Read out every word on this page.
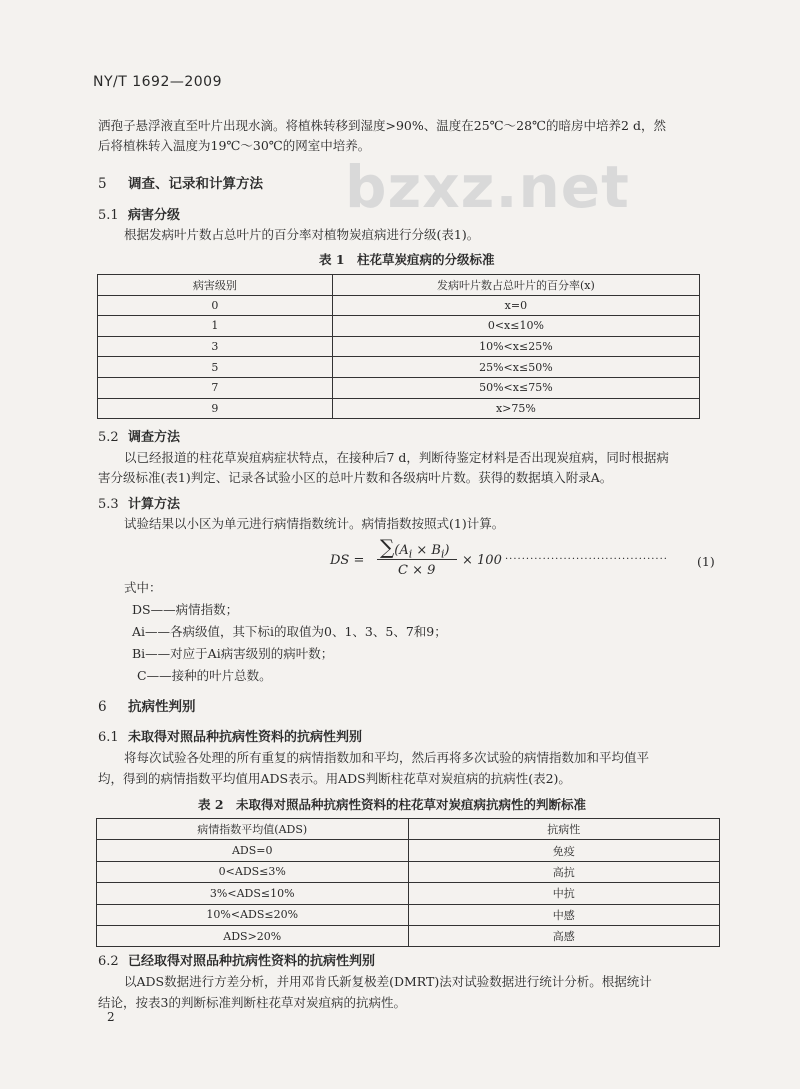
NY/T 1692—2009
bzxz.net
洒孢子悬浮液直至叶片出现水滴。将植株转移到湿度>90%、温度在25℃～28℃的暗房中培养2 d，然
后将植株转入温度为19℃～30℃的网室中培养。
5 调查、记录和计算方法
5.1 病害分级
根据发病叶片数占总叶片的百分率对植物炭疽病进行分级(表1)。
表 1　柱花草炭疽病的分级标准
病害级别	发病叶片数占总叶片的百分率(x)
0	x=0
1	0<x≤10%
3	10%<x≤25%
5	25%<x≤50%
7	50%<x≤75%
9	x>75%
5.2 调查方法
以已经报道的柱花草炭疽病症状特点，在接种后7 d，判断待鉴定材料是否出现炭疽病，同时根据病
害分级标准(表1)判定、记录各试验小区的总叶片数和各级病叶片数。获得的数据填入附录A。
5.3 计算方法
试验结果以小区为单元进行病情指数统计。病情指数按照式(1)计算。
DS =
$\sum(A_i \times B_i)$
C × 9
× 100 ······································· (1)
式中：
DS——病情指数；
Ai——各病级值，其下标i的取值为0、1、3、5、7和9；
Bi——对应于Ai病害级别的病叶数；
C——接种的叶片总数。
6 抗病性判别
6.1 未取得对照品种抗病性资料的抗病性判别
将每次试验各处理的所有重复的病情指数加和平均，然后再将多次试验的病情指数加和平均值平
均，得到的病情指数平均值用ADS表示。用ADS判断柱花草对炭疽病的抗病性(表2)。
表 2　未取得对照品种抗病性资料的柱花草对炭疽病抗病性的判断标准
病情指数平均值(ADS)	抗病性
ADS=0	免疫
0<ADS≤3%	高抗
3%<ADS≤10%	中抗
10%<ADS≤20%	中感
ADS>20%	高感
6.2 已经取得对照品种抗病性资料的抗病性判别
以ADS数据进行方差分析，并用邓肯氏新复极差(DMRT)法对试验数据进行统计分析。根据统计
结论，按表3的判断标准判断柱花草对炭疽病的抗病性。
2
